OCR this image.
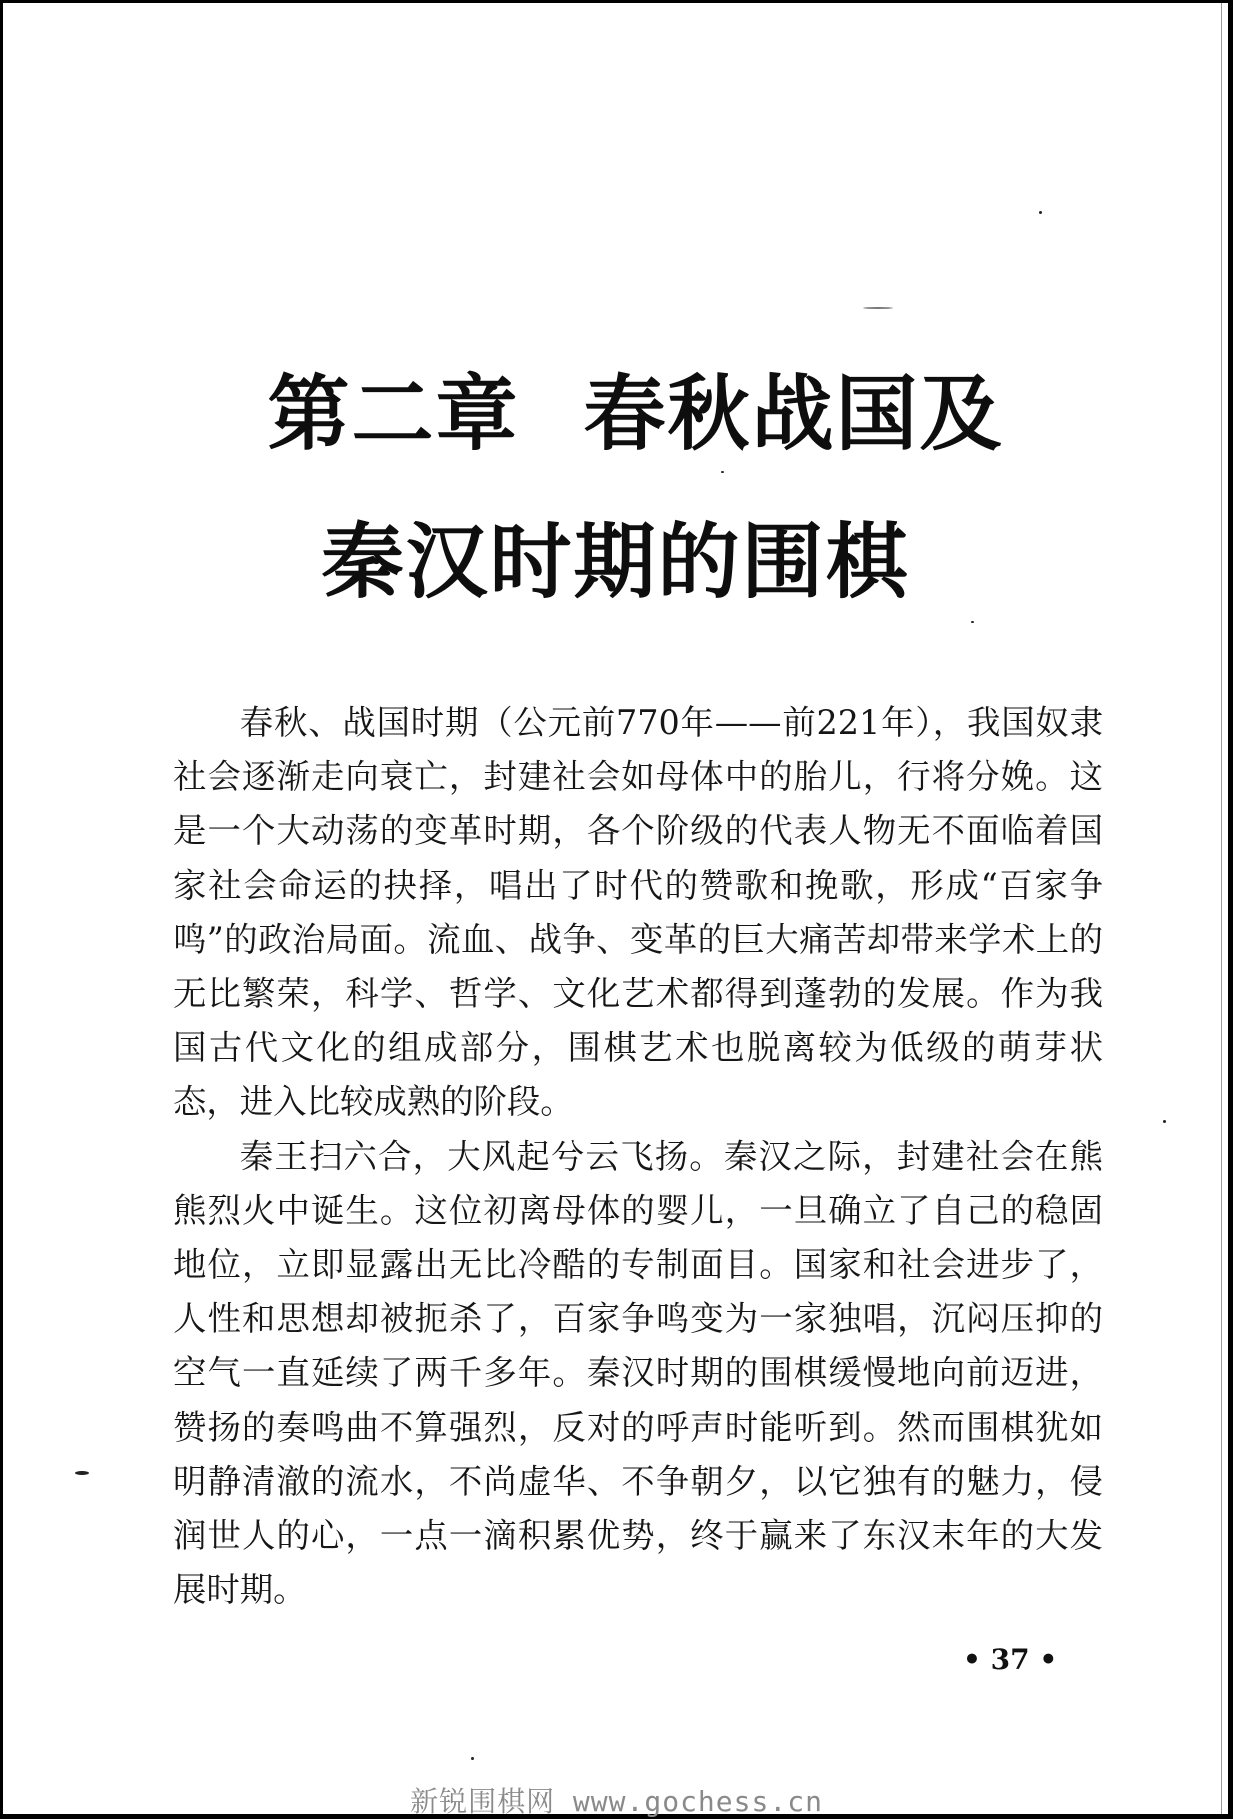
第二章 春秋战国及
秦汉时期的围棋

春秋、战国时期（公元前770年——前221年），我国奴隶社会逐渐走向衰亡，封建社会如母体中的胎儿，行将分娩。这是一个大动荡的变革时期，各个阶级的代表人物无不面临着国家社会命运的抉择，唱出了时代的赞歌和挽歌，形成“百家争鸣”的政治局面。流血、战争、变革的巨大痛苦却带来学术上的无比繁荣，科学、哲学、文化艺术都得到蓬勃的发展。作为我国古代文化的组成部分，围棋艺术也脱离较为低级的萌芽状态，进入比较成熟的阶段。

秦王扫六合，大风起兮云飞扬。秦汉之际，封建社会在熊熊烈火中诞生。这位初离母体的婴儿，一旦确立了自己的稳固地位，立即显露出无比冷酷的专制面目。国家和社会进步了，人性和思想却被扼杀了，百家争鸣变为一家独唱，沉闷压抑的空气一直延续了两千多年。秦汉时期的围棋缓慢地向前迈进，赞扬的奏鸣曲不算强烈，反对的呼声时能听到。然而围棋犹如明静清澈的流水，不尚虚华、不争朝夕，以它独有的魅力，侵润世人的心，一点一滴积累优势，终于赢来了东汉末年的大发展时期。

• 37 •
新锐围棋网 www.gochess.cn
